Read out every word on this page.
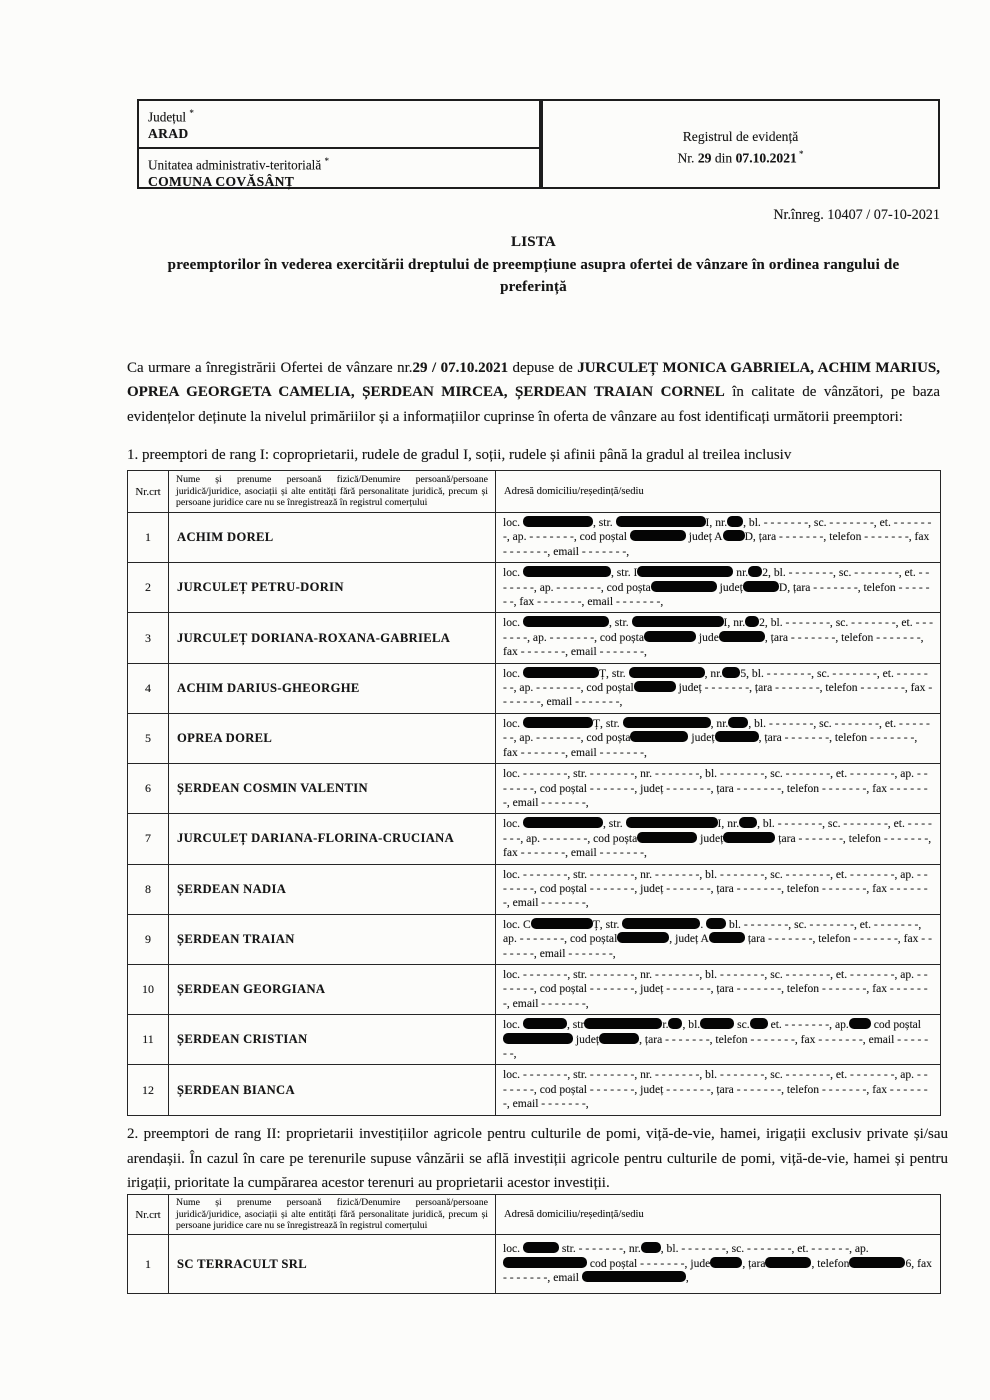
Județul *
ARAD
Unitatea administrativ-teritorială *
COMUNA COVĂSÂNȚ
Registrul de evidență
Nr. 29 din 07.10.2021 *
Nr.înreg. 10407 / 07-10-2021
LISTA
preemptorilor în vederea exercitării dreptului de preempțiune asupra ofertei de vânzare în ordinea rangului de
preferință
Ca urmare a înregistrării Ofertei de vânzare nr.29 / 07.10.2021 depuse de JURCULEȚ MONICA GABRIELA, ACHIM MARIUS, OPREA GEORGETA CAMELIA, ȘERDEAN MIRCEA, ȘERDEAN TRAIAN CORNEL în calitate de vânzători, pe baza evidențelor deținute la nivelul primăriilor și a informațiilor cuprinse în oferta de vânzare au fost identificați următorii preemptori:
1. preemptori de rang I: coproprietarii, rudele de gradul I, soții, rudele și afinii până la gradul al treilea inclusiv
Nr.crt	Nume și prenume persoană fizică/Denumire persoană/persoane juridică/juridice, asociații și alte entități fără personalitate juridică, precum și persoane juridice care nu se înregistrează în registrul comerțului	Adresă domiciliu/reședință/sediu
1	ACHIM DOREL	loc. , str. I, nr. , bl. - - - - - - -, sc. - - - - - - -, et. - - - - - - -, ap. - - - - - - -, cod poștal județ A D, țara - - - - - - -, telefon - - - - - - -, fax - - - - - - -, email - - - - - - -,
2	JURCULEȚ PETRU-DORIN	loc. , str. I nr. 2, bl. - - - - - - -, sc. - - - - - - -, et. - - - - - - -, ap. - - - - - - -, cod poșta județ D, țara - - - - - - -, telefon - - - - - - -, fax - - - - - - -, email - - - - - - -,
3	JURCULEȚ DORIANA-ROXANA-GABRIELA	loc. , str. I, nr. 2, bl. - - - - - - -, sc. - - - - - - -, et. - - - - - - -, ap. - - - - - - -, cod poșta jude , țara - - - - - - -, telefon - - - - - - -, fax - - - - - - -, email - - - - - - -,
4	ACHIM DARIUS-GHEORGHE	loc. Ț, str. , nr. 5, bl. - - - - - - -, sc. - - - - - - -, et. - - - - - - -, ap. - - - - - - -, cod poștal județ - - - - - - -, țara - - - - - - -, telefon - - - - - - -, fax - - - - - - -, email - - - - - - -,
5	OPREA DOREL	loc. Ț, str. , nr. , bl. - - - - - - -, sc. - - - - - - -, et. - - - - - - -, ap. - - - - - - -, cod poșta județ , țara - - - - - - -, telefon - - - - - - -, fax - - - - - - -, email - - - - - - -,
6	ȘERDEAN COSMIN VALENTIN	loc. - - - - - - -, str. - - - - - - -, nr. - - - - - - -, bl. - - - - - - -, sc. - - - - - - -, et. - - - - - - -, ap. - - - - - - -, cod poștal - - - - - - -, județ - - - - - - -, țara - - - - - - -, telefon - - - - - - -, fax - - - - - - -, email - - - - - - -,
7	JURCULEȚ DARIANA-FLORINA-CRUCIANA	loc. , str. I, nr. , bl. - - - - - - -, sc. - - - - - - -, et. - - - - - - -, ap. - - - - - - -, cod poșta județ țara - - - - - - -, telefon - - - - - - -, fax - - - - - - -, email - - - - - - -,
8	ȘERDEAN NADIA	loc. - - - - - - -, str. - - - - - - -, nr. - - - - - - -, bl. - - - - - - -, sc. - - - - - - -, et. - - - - - - -, ap. - - - - - - -, cod poștal - - - - - - -, județ - - - - - - -, țara - - - - - - -, telefon - - - - - - -, fax - - - - - - -, email - - - - - - -,
9	ȘERDEAN TRAIAN	loc. C Ț, str. .  bl. - - - - - - -, sc. - - - - - - -, et. - - - - - - -, ap. - - - - - - -, cod poștal , județ A țara - - - - - - -, telefon - - - - - - -, fax - - - - - - -, email - - - - - - -,
10	ȘERDEAN GEORGIANA	loc. - - - - - - -, str. - - - - - - -, nr. - - - - - - -, bl. - - - - - - -, sc. - - - - - - -, et. - - - - - - -, ap. - - - - - - -, cod poștal - - - - - - -, județ - - - - - - -, țara - - - - - - -, telefon - - - - - - -, fax - - - - - - -, email - - - - - - -,
11	ȘERDEAN CRISTIAN	loc. , str r. , bl. sc. et. - - - - - - -, ap. cod poștal  județ , țara - - - - - - -, telefon - - - - - - -, fax - - - - - - -, email - - - - - - -,
12	ȘERDEAN BIANCA	loc. - - - - - - -, str. - - - - - - -, nr. - - - - - - -, bl. - - - - - - -, sc. - - - - - - -, et. - - - - - - -, ap. - - - - - - -, cod poștal - - - - - - -, județ - - - - - - -, țara - - - - - - -, telefon - - - - - - -, fax - - - - - - -, email - - - - - - -,
2. preemptori de rang II: proprietarii investițiilor agricole pentru culturile de pomi, viță-de-vie, hamei, irigații exclusiv private și/sau arendașii. În cazul în care pe terenurile supuse vânzării se află investiții agricole pentru culturile de pomi, viță-de-vie, hamei și pentru irigații, prioritate la cumpărarea acestor terenuri au proprietarii acestor investiții.
Nr.crt	Nume și prenume persoană fizică/Denumire persoană/persoane juridică/juridice, asociații și alte entități fără personalitate juridică, precum și persoane juridice care nu se înregistrează în registrul comerțului	Adresă domiciliu/reședință/sediu
1	SC TERRACULT SRL	loc. str. - - - - - - -, nr. , bl. - - - - - - -, sc. - - - - - - -, et. - - - - - -, ap.  cod poștal - - - - - - -, jude , țara , telefon 6, fax - - - - - - -, email ,
